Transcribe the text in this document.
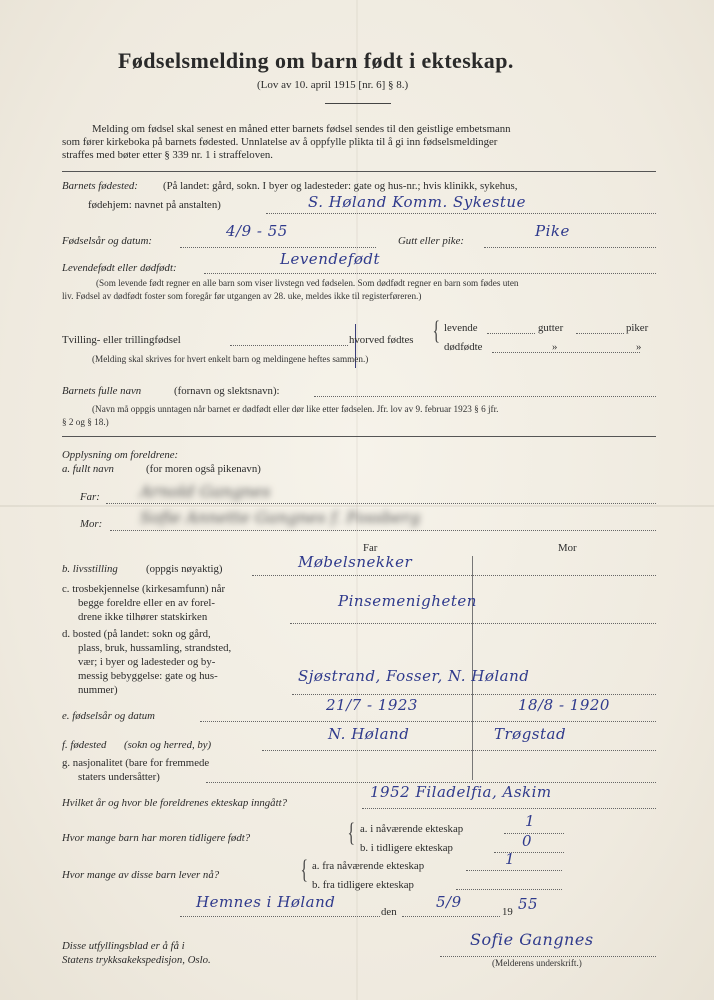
Fødselsmelding om barn født i ekteskap.
(Lov av 10. april 1915 [nr. 6] § 8.)
Melding om fødsel skal senest en måned etter barnets fødsel sendes til den geistlige embetsmann
som fører kirkeboka på barnets fødested. Unnlatelse av å oppfylle plikta til å gi inn fødselsmeldinger
straffes med bøter etter § 339 nr. 1 i straffeloven.
Barnets fødested: (På landet: gård, sokn. I byer og ladesteder: gate og hus-nr.; hvis klinikk, sykehus,
fødehjem: navnet på anstalten)	S. Høland Komm. Sykestue
Fødselsår og datum:
4/9 - 55
Gutt eller pike:
Pike
Levendefødt eller dødfødt:	Levendefødt
(Som levende født regner en alle barn som viser livstegn ved fødselen. Som dødfødt regner en barn som fødes uten
liv. Fødsel av dødfødt foster som foregår før utgangen av 28. uke, meldes ikke til registerføreren.)
Tvilling- eller trillingfødsel	hvorved fødtes { levende	gutter	piker
dødfødte	»	»
(Melding skal skrives for hvert enkelt barn og meldingene heftes sammen.)
Barnets fulle navn	(fornavn og slektsnavn):
(Navn må oppgis unntagen når barnet er dødfødt eller dør like etter fødselen. Jfr. lov av 9. februar 1923 § 6 jfr.
§ 2 og § 18.)
Opplysning om foreldrene:
a. fullt navn	(for moren også pikenavn)
Far:	Arnold Gangnes
Mor: Sofie Annette Gangnes f. Fossberg
Far	Mor
b. livsstilling	(oppgis nøyaktig)	Møbelsnekker
c. trosbekjennelse (kirkesamfunn) når
begge foreldre eller en av forel-
drene ikke tilhører statskirken
Pinsemenigheten
d. bosted (på landet: sokn og gård,
plass, bruk, hussamling, strandsted,
vær; i byer og ladesteder og by-
messig bebyggelse: gate og hus-
nummer)
Sjøstrand, Fosser, N. Høland
e. fødselsår og datum
21/7 - 1923	18/8 - 1920
f. fødested (sokn og herred, by)
N. Høland	Trøgstad
g. nasjonalitet (bare for fremmede
staters undersåtter)
Hvilket år og hvor ble foreldrenes ekteskap inngått?
1952 Filadelfia, Askim
Hvor mange barn har moren tidligere født?	{ a. i nåværende ekteskap	1
b. i tidligere ekteskap	0
Hvor mange av disse barn lever nå?	{ a. fra nåværende ekteskap	1
b. fra tidligere ekteskap
Hemnes i Høland
den
5/9
19 55
Sofie Gangnes
(Melderens underskrift.)
Disse utfyllingsblad er å få i
Statens trykksakekspedisjon, Oslo.
